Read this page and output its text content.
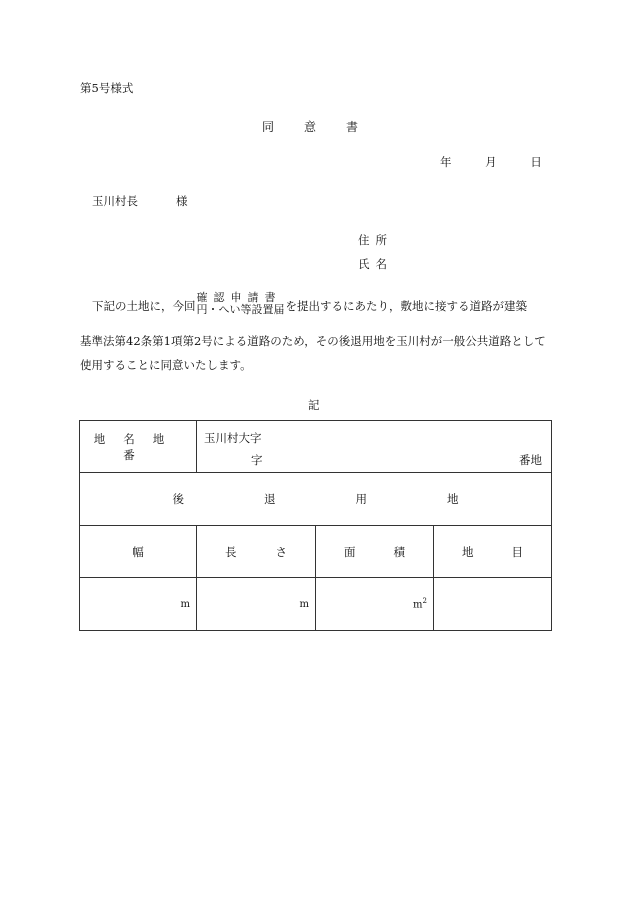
第5号様式
同意書
年	月	日
玉川村長	様
住所
氏名
下記の土地に，今回確認申請書
円・へい等設置届を提出するにあたり，敷地に接する道路が建築
基準法第42条第1項第2号による道路のため，その後退用地を玉川村が一般公共道路として
使用することに同意いたします。
記
地名地番	玉川村大字
字 番地		

後 退 用 地			
幅	長 さ	面 積	地 目

m	m	$m^2$	
